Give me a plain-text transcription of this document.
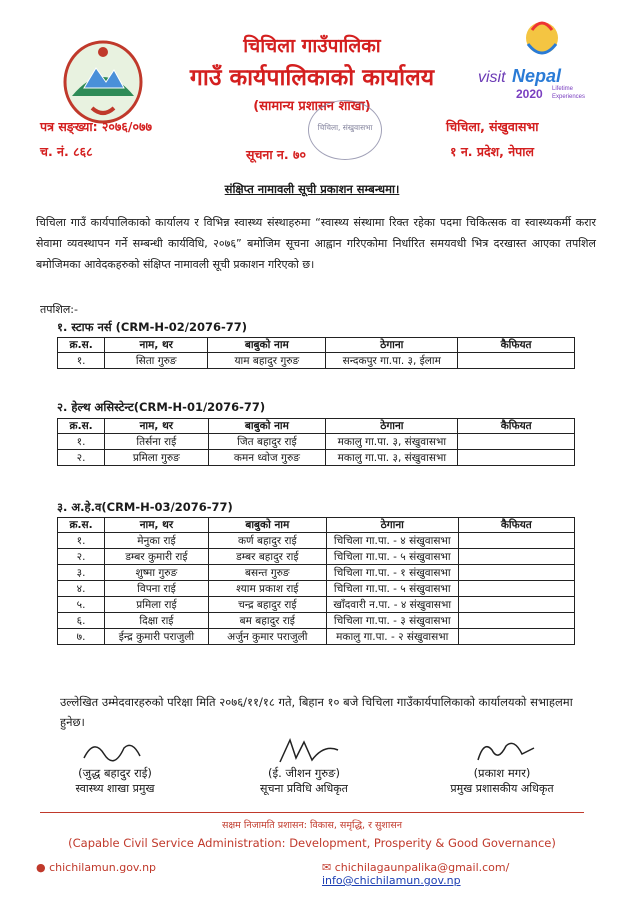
visit Nepal
2020 Lifetime
Experiences
चिचिला गाउँपालिका
गाउँ कार्यपालिकाको कार्यालय
(सामान्य प्रशासन शाखा)
पत्र सङ्ख्या: २०७६/०७७
च. नं. ८६८	सूचना न. ७०
चिचिला, संखुवासभा
१ न. प्रदेश, नेपाल
चिचिला, संखुवासभा
संक्षिप्त नामावली सूची प्रकाशन सम्बन्धमा।
चिचिला गाउँ कार्यपालिकाको कार्यालय र विभिन्न स्वास्थ्य संस्थाहरुमा “स्वास्थ्य संस्थामा रिक्त रहेका पदमा चिकित्सक वा स्वास्थ्यकर्मी करार सेवामा व्यवस्थापन गर्ने सम्बन्धी कार्यविधि, २०७६” बमोजिम सूचना आह्वान गरिएकोमा निर्धारित समयवधी भित्र दरखास्त आएका तपशिल बमोजिमका आवेदकहरुको संक्षिप्त नामावली सूची प्रकाशन गरिएको छ।
तपशिल:-
१. स्टाफ नर्स (CRM-H-02/2076-77)
क्र.स.	नाम, थर	बाबुको नाम	ठेगाना	कैफियत
१.	सिता गुरुङ	याम बहादुर गुरुङ	सन्दकपुर गा.पा. ३, ईलाम	
२. हेल्थ असिस्टेन्ट(CRM-H-01/2076-77)
क्र.स.	नाम, थर	बाबुको नाम	ठेगाना	कैफियत
१.	तिर्सना राई	जित बहादुर राई	मकालु गा.पा. ३, संखुवासभा	
२.	प्रमिला गुरुङ	कमन ध्वोज गुरुङ	मकालु गा.पा. ३, संखुवासभा	
३. अ.हे.व(CRM-H-03/2076-77)
क्र.स.	नाम, थर	बाबुको नाम	ठेगाना	कैफियत
१.	मेनुका राई	कर्ण बहादुर राई	चिचिला गा.पा. - ४ संखुवासभा	
२.	डम्बर कुमारी राई	डम्बर बहादुर राई	चिचिला गा.पा. - ५ संखुवासभा	
३.	शुष्मा गुरुङ	बसन्त गुरुङ	चिचिला गा.पा. - १ संखुवासभा	
४.	विपना राई	श्याम प्रकाश राई	चिचिला गा.पा. - ५ संखुवासभा	
५.	प्रमिला राई	चन्द्र बहादुर राई	खाँदवारी न.पा. - ४ संखुवासभा	
६.	दिक्षा राई	बम बहादुर राई	चिचिला गा.पा. - ३ संखुवासभा	
७.	ईन्द्र कुमारी पराजुली	अर्जुन कुमार पराजुली	मकालु गा.पा. - २ संखुवासभा	
उल्लेखित उम्मेदवारहरुको परिक्षा मिति २०७६/११/१८ गते, बिहान १० बजे चिचिला गाउँकार्यपालिकाको कार्यालयको सभाहलमा हुनेछ।
(जुद्ध बहादुर राई)
स्वास्थ्य शाखा प्रमुख
(ई. जीशन गुरुङ)
सूचना प्रविधि अधिकृत
(प्रकाश मगर)
प्रमुख प्रशासकीय अधिकृत
सक्षम निजामति प्रशासन: विकास, समृद्धि, र सुशासन
(Capable Civil Service Administration: Development, Prosperity & Good Governance)
● chichilamun.gov.np	✉ chichilagaunpalika@gmail.com/ info@chichilamun.gov.np
